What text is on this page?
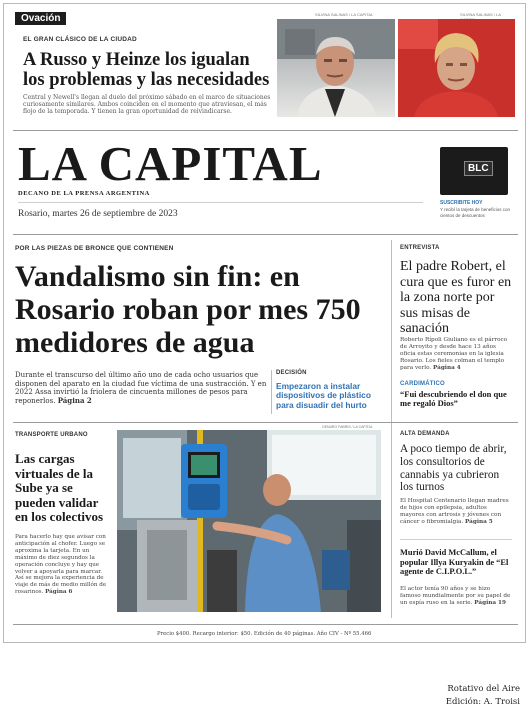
Ovación
EL GRAN CLÁSICO DE LA CIUDAD
A Russo y Heinze los igualan los problemas y las necesidades
Central y Newell's llegan al duelo del próximo sábado en el marco de situaciones curiosamente similares. Ambos coinciden en el momento que atraviesan, el más flojo de la temporada. Y tienen la gran oportunidad de reivindicarse.
SILVINA SALINAS / LA CAPITAL	SILVINA SALINAS / LA
LA CAPITAL
DECANO DE LA PRENSA ARGENTINA
Rosario, martes 26 de septiembre de 2023
BLC
SUSCRIBITE HOY
Y recibí la tarjeta de beneficios con cientos de descuentos
POR LAS PIEZAS DE BRONCE QUE CONTIENEN
Vandalismo sin fin: en Rosario roban por mes 750 medidores de agua
Durante el transcurso del último año uno de cada ocho usuarios que disponen del aparato en la ciudad fue víctima de una sustracción. Y en 2022 Assa invirtió la friolera de cincuenta millones de pesos para reponerlos. Página 2
DECISIÓN
Empezaron a instalar dispositivos de plástico para disuadir del hurto
ENTREVISTA
El padre Robert, el cura que es furor en la zona norte por sus misas de sanación
Roberto Rípoli Giuliano es el párroco de Arroyito y desde hace 13 años oficia estas ceremonias en la iglesia Rosario. Los fieles colman el templo para verlo. Página 4
CARDIMÁTICO
“Fui descubriendo el don que me regaló Dios”
ALTA DEMANDA
A poco tiempo de abrir, los consultorios de cannabis ya cubrieron los turnos
El Hospital Centenario llegan madres de hijos con epilepsia, adultos mayores con artrosis y jóvenes con cáncer o fibromialgia. Página 5
Murió David McCallum, el popular Illya Kuryakin de “El agente de C.I.P.O.L.”
El actor tenía 90 años y se hizo famoso mundialmente por su papel de un espía ruso en la serie. Página 19
TRANSPORTE URBANO
Las cargas virtuales de la Sube ya se pueden validar en los colectivos
Para hacerlo hay que avisar con anticipación al chofer. Luego se aproxima la tarjeta. En un máximo de diez segundos la operación concluye y hay que volver a apoyarla para marcar. Así se mejora la experiencia de viaje de más de medio millón de rosarinos. Página 6
GENARO FABRIS / LA CAPITAL
Precio $400. Recargo interior: $50. Edición de 40 páginas. Año CIV - Nº 55.466
Rotativo del Aire
Edición: A. Troisi
